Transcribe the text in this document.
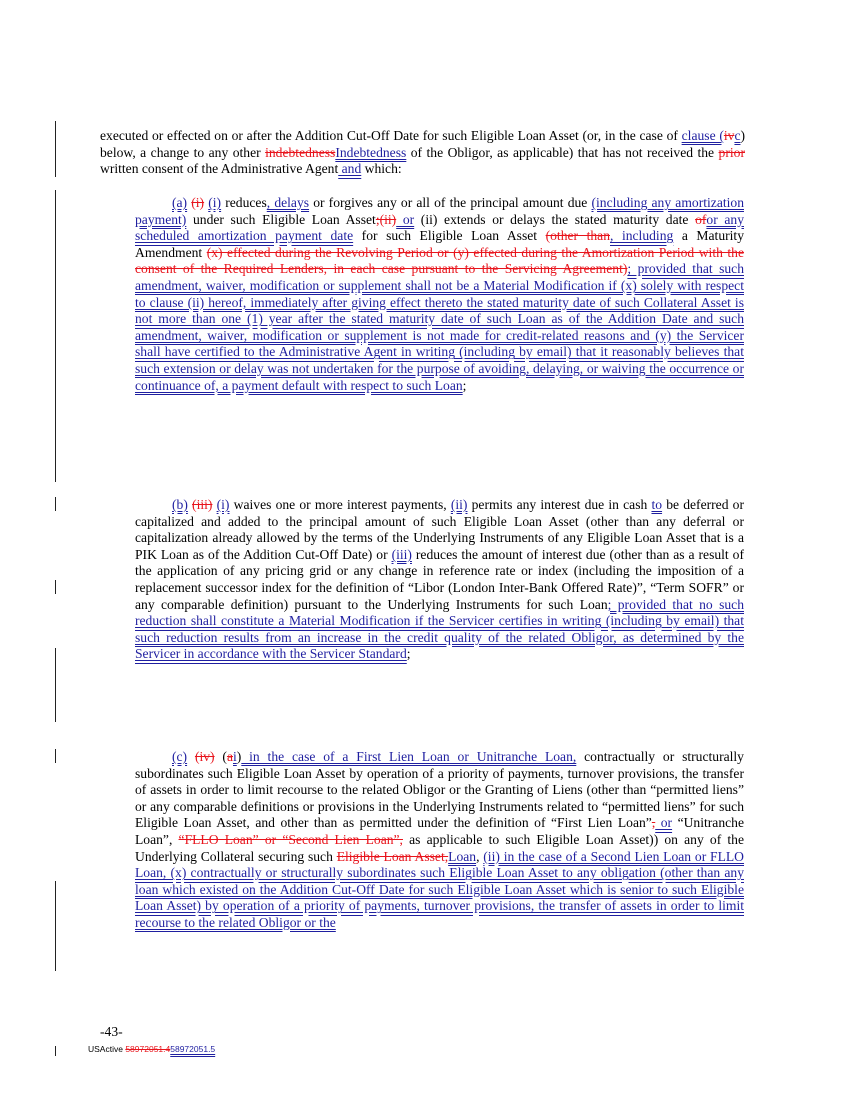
executed or effected on or after the Addition Cut-Off Date for such Eligible Loan Asset (or, in the case of clause (ivc) below, a change to any other indebtednessIndebtedness of the Obligor, as applicable) that has not received the prior written consent of the Administrative Agent and which:

(a) (i) (i) reduces, delays or forgives any or all of the principal amount due (including any amortization payment) under such Eligible Loan Asset;(ii) or (ii) extends or delays the stated maturity date ofor any scheduled amortization payment date for such Eligible Loan Asset (other than, including a Maturity Amendment (x) effected during the Revolving Period or (y) effected during the Amortization Period with the consent of the Required Lenders, in each case pursuant to the Servicing Agreement); provided that such amendment, waiver, modification or supplement shall not be a Material Modification if (x) solely with respect to clause (ii) hereof, immediately after giving effect thereto the stated maturity date of such Collateral Asset is not more than one (1) year after the stated maturity date of such Loan as of the Addition Date and such amendment, waiver, modification or supplement is not made for credit-related reasons and (y) the Servicer shall have certified to the Administrative Agent in writing (including by email) that it reasonably believes that such extension or delay was not undertaken for the purpose of avoiding, delaying, or waiving the occurrence or continuance of, a payment default with respect to such Loan;

(b) (iii) (i) waives one or more interest payments, (ii) permits any interest due in cash to be deferred or capitalized and added to the principal amount of such Eligible Loan Asset (other than any deferral or capitalization already allowed by the terms of the Underlying Instruments of any Eligible Loan Asset that is a PIK Loan as of the Addition Cut-Off Date) or (iii) reduces the amount of interest due (other than as a result of the application of any pricing grid or any change in reference rate or index (including the imposition of a replacement successor index for the definition of “Libor (London Inter-Bank Offered Rate)”, “Term SOFR” or any comparable definition) pursuant to the Underlying Instruments for such Loan; provided that no such reduction shall constitute a Material Modification if the Servicer certifies in writing (including by email) that such reduction results from an increase in the credit quality of the related Obligor, as determined by the Servicer in accordance with the Servicer Standard;

(c) (iv) (ai) in the case of a First Lien Loan or Unitranche Loan, contractually or structurally subordinates such Eligible Loan Asset by operation of a priority of payments, turnover provisions, the transfer of assets in order to limit recourse to the related Obligor or the Granting of Liens (other than “permitted liens” or any comparable definitions or provisions in the Underlying Instruments related to “permitted liens” for such Eligible Loan Asset, and other than as permitted under the definition of “First Lien Loan”, or “Unitranche Loan”, “FLLO Loan” or “Second Lien Loan”, as applicable to such Eligible Loan Asset)) on any of the Underlying Collateral securing such Eligible Loan Asset,Loan, (ii) in the case of a Second Lien Loan or FLLO Loan, (x) contractually or structurally subordinates such Eligible Loan Asset to any obligation (other than any loan which existed on the Addition Cut-Off Date for such Eligible Loan Asset which is senior to such Eligible Loan Asset) by operation of a priority of payments, turnover provisions, the transfer of assets in order to limit recourse to the related Obligor or the

-43-
USActive 58972051.458972051.5
